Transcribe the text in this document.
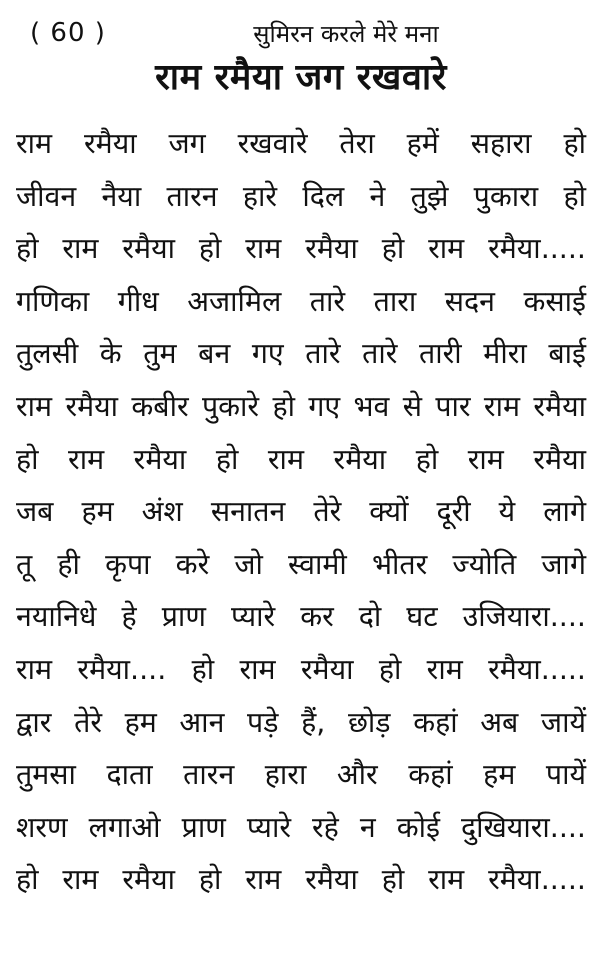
( 60 )	सुमिरन करले मेरे मना
राम रमैया जग रखवारे
राम रमैया जग रखवारे तेरा हमें सहारा हो
जीवन नैया तारन हारे दिल ने तुझे पुकारा हो
हो राम रमैया हो राम रमैया हो राम रमैया.....
गणिका गीध अजामिल तारे तारा सदन कसाई
तुलसी के तुम बन गए तारे तारे तारी मीरा बाई
राम रमैया कबीर पुकारे हो गए भव से पार राम रमैया
हो राम रमैया हो राम रमैया हो राम रमैया
जब हम अंश सनातन तेरे क्यों दूरी ये लागे
तू ही कृपा करे जो स्वामी भीतर ज्योति जागे
नयानिधे हे प्राण प्यारे कर दो घट उजियारा....
राम रमैया.... हो राम रमैया हो राम रमैया.....
द्वार तेरे हम आन पड़े हैं, छोड़ कहां अब जायें
तुमसा दाता तारन हारा और कहां हम पायें
शरण लगाओ प्राण प्यारे रहे न कोई दुखियारा....
हो राम रमैया हो राम रमैया हो राम रमैया.....
